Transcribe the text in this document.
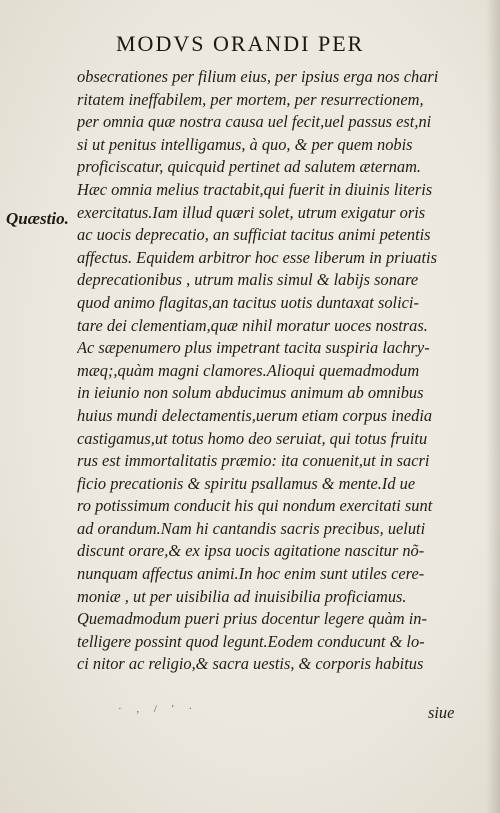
MODVS ORANDI PER
Quæstio.
obsecrationes per filium eius, per ipsius erga nos chari
ritatem ineffabilem, per mortem, per resurrectionem,
per omnia quæ nostra causa uel fecit,uel passus est,ni
si ut penitus intelligamus, à quo, & per quem nobis
proficiscatur, quicquid pertinet ad salutem æternam.
Hæc omnia melius tractabit,qui fuerit in diuinis literis
exercitatus.Iam illud quæri solet, utrum exigatur oris
ac uocis deprecatio, an sufficiat tacitus animi petentis
affectus. Equidem arbitror hoc esse liberum in priuatis
deprecationibus , utrum malis simul & labijs sonare
quod animo flagitas,an tacitus uotis duntaxat solici-
tare dei clementiam,quæ nihil moratur uoces nostras.
Ac sæpenumero plus impetrant tacita suspiria lachry-
mæq;,quàm magni clamores.Alioqui quemadmodum
in ieiunio non solum abducimus animum ab omnibus
huius mundi delectamentis,uerum etiam corpus inedia
castigamus,ut totus homo deo seruiat, qui totus fruitu
rus est immortalitatis præmio: ita conuenit,ut in sacri
ficio precationis & spiritu psallamus & mente.Id ue
ro potissimum conducit his qui nondum exercitati sunt
ad orandum.Nam hi cantandis sacris precibus, ueluti
discunt orare,& ex ipsa uocis agitatione nascitur nõ-
nunquam affectus animi.In hoc enim sunt utiles cere-
moniæ , ut per uisibilia ad inuisibilia proficiamus.
Quemadmodum pueri prius docentur legere quàm in-
telligere possint quod legunt.Eodem conducunt & lo-
ci nitor ac religio,& sacra uestis, & corporis habitus
· , / ' ·	siue
